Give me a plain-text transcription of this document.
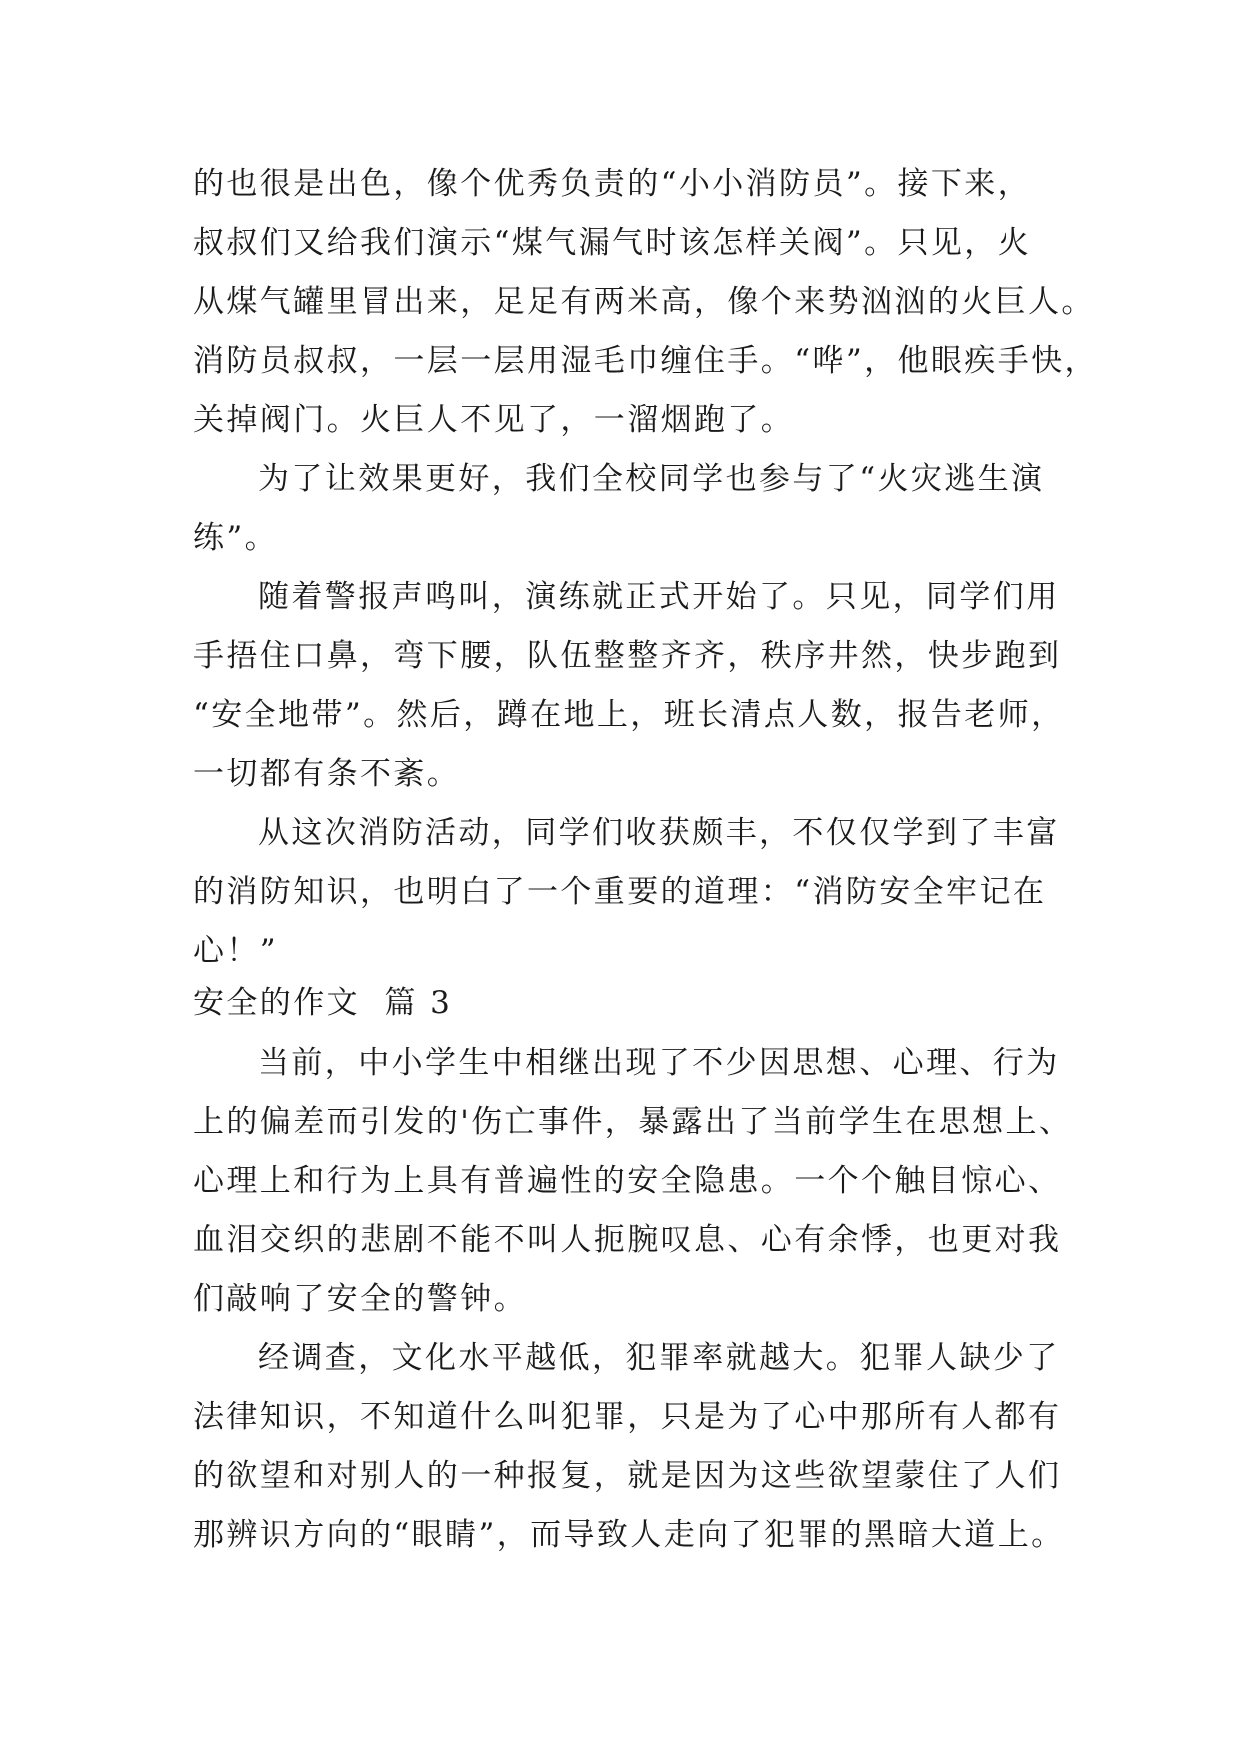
的也很是出色，像个优秀负责的“小小消防员”。接下来，

叔叔们又给我们演示“煤气漏气时该怎样关阀”。只见，火

从煤气罐里冒出来，足足有两米高，像个来势汹汹的火巨人。

消防员叔叔，一层一层用湿毛巾缠住手。“哗”，他眼疾手快，

关掉阀门。火巨人不见了，一溜烟跑了。

为了让效果更好，我们全校同学也参与了“火灾逃生演

练”。

随着警报声鸣叫，演练就正式开始了。只见，同学们用

手捂住口鼻，弯下腰，队伍整整齐齐，秩序井然，快步跑到

“安全地带”。然后，蹲在地上，班长清点人数，报告老师，

一切都有条不紊。

从这次消防活动，同学们收获颇丰，不仅仅学到了丰富

的消防知识，也明白了一个重要的道理：“消防安全牢记在

心！”

安全的作文  篇 3

当前，中小学生中相继出现了不少因思想、心理、行为

上的偏差而引发的'伤亡事件，暴露出了当前学生在思想上、

心理上和行为上具有普遍性的安全隐患。一个个触目惊心、

血泪交织的悲剧不能不叫人扼腕叹息、心有余悸，也更对我

们敲响了安全的警钟。

经调查，文化水平越低，犯罪率就越大。犯罪人缺少了

法律知识，不知道什么叫犯罪，只是为了心中那所有人都有

的欲望和对别人的一种报复，就是因为这些欲望蒙住了人们

那辨识方向的“眼睛”，而导致人走向了犯罪的黑暗大道上。
